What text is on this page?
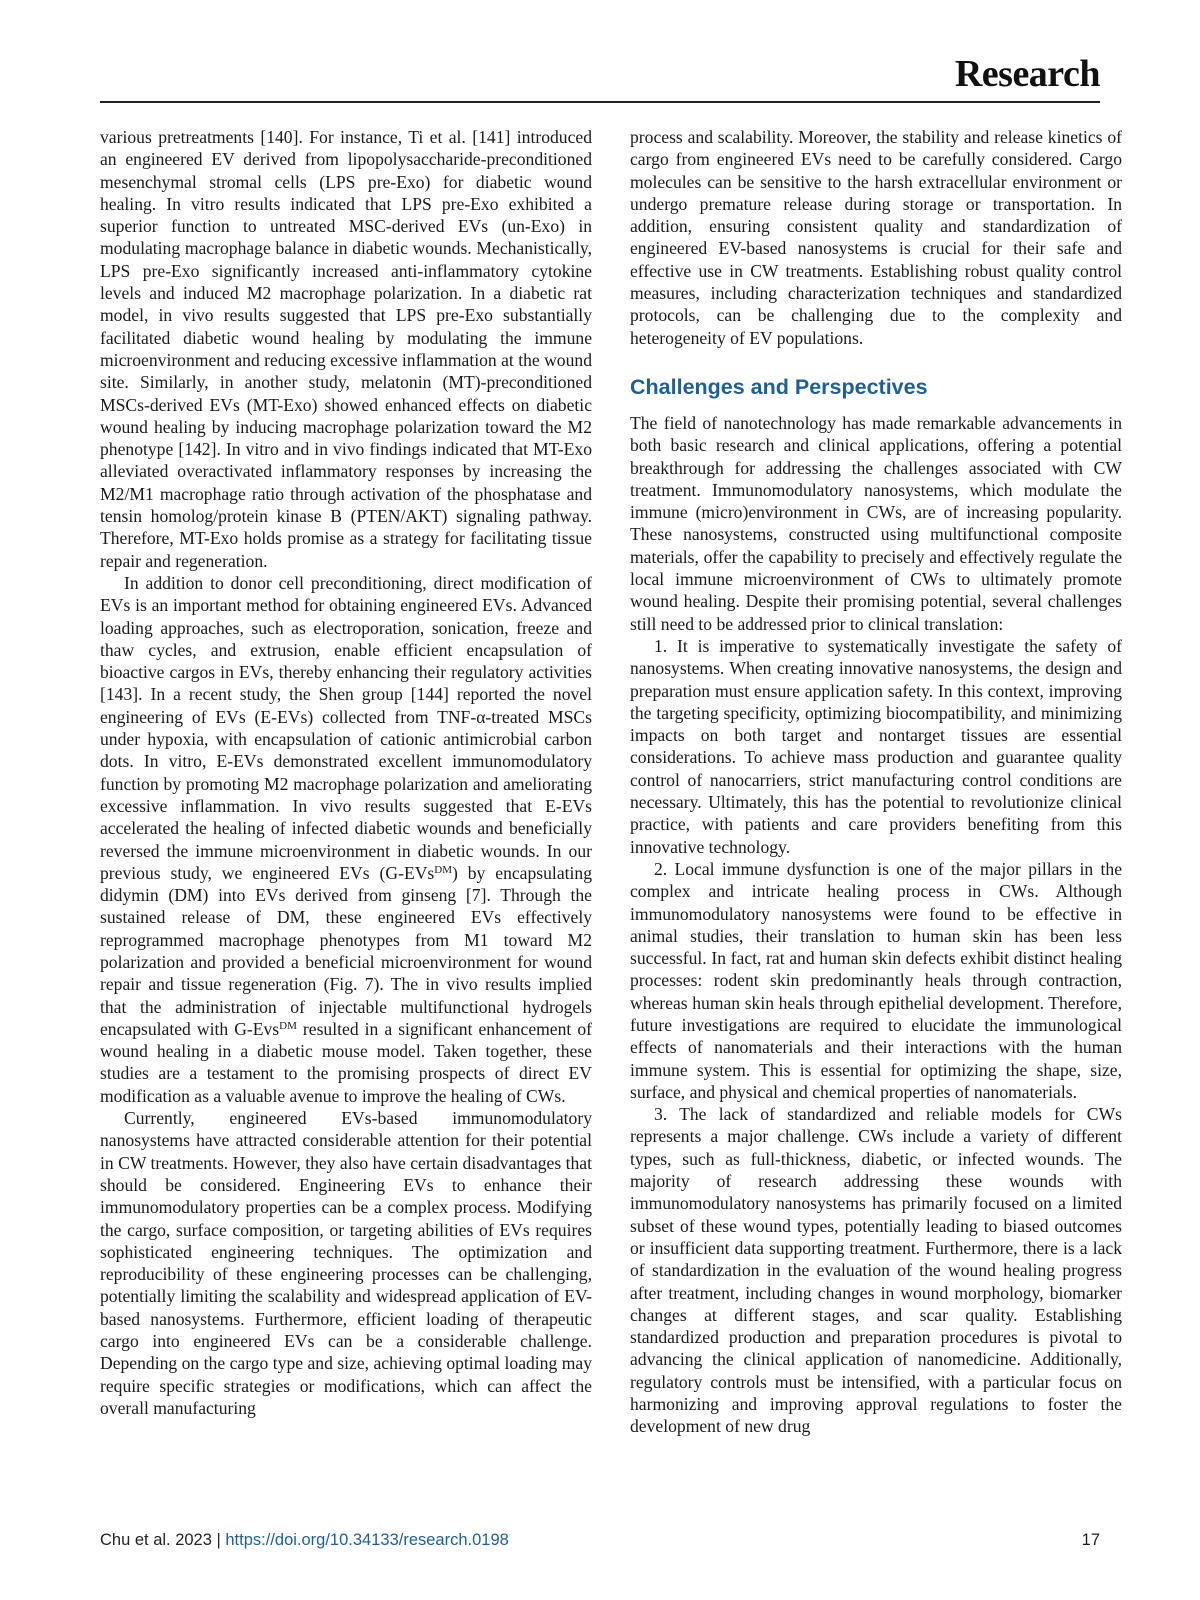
Research

various pretreatments [140]. For instance, Ti et al. [141] introduced an engineered EV derived from lipopolysaccharide-preconditioned mesenchymal stromal cells (LPS pre-Exo) for diabetic wound healing. In vitro results indicated that LPS pre-Exo exhibited a superior function to untreated MSC-derived EVs (un-Exo) in modulating macrophage balance in diabetic wounds. Mechanistically, LPS pre-Exo significantly increased anti-inflammatory cytokine levels and induced M2 macrophage polarization. In a diabetic rat model, in vivo results suggested that LPS pre-Exo substantially facilitated diabetic wound healing by modulating the immune microenvironment and reducing excessive inflammation at the wound site. Similarly, in another study, melatonin (MT)-preconditioned MSCs-derived EVs (MT-Exo) showed enhanced effects on diabetic wound healing by inducing macrophage polarization toward the M2 phenotype [142]. In vitro and in vivo findings indicated that MT-Exo alleviated overactivated inflammatory responses by increasing the M2/M1 macrophage ratio through activation of the phosphatase and tensin homolog/protein kinase B (PTEN/AKT) signaling pathway. Therefore, MT-Exo holds promise as a strategy for facilitating tissue repair and regeneration.

In addition to donor cell preconditioning, direct modification of EVs is an important method for obtaining engineered EVs. Advanced loading approaches, such as electroporation, sonication, freeze and thaw cycles, and extrusion, enable efficient encapsulation of bioactive cargos in EVs, thereby enhancing their regulatory activities [143]. In a recent study, the Shen group [144] reported the novel engineering of EVs (E-EVs) collected from TNF-α-treated MSCs under hypoxia, with encapsulation of cationic antimicrobial carbon dots. In vitro, E-EVs demonstrated excellent immunomodulatory function by promoting M2 macrophage polarization and ameliorating excessive inflammation. In vivo results suggested that E-EVs accelerated the healing of infected diabetic wounds and beneficially reversed the immune microenvironment in diabetic wounds. In our previous study, we engineered EVs (G-EVs$^{DM}$) by encapsulating didymin (DM) into EVs derived from ginseng [7]. Through the sustained release of DM, these engineered EVs effectively reprogrammed macrophage phenotypes from M1 toward M2 polarization and provided a beneficial microenvironment for wound repair and tissue regeneration (Fig. 7). The in vivo results implied that the administration of injectable multifunctional hydrogels encapsulated with G-Evs$^{DM}$ resulted in a significant enhancement of wound healing in a diabetic mouse model. Taken together, these studies are a testament to the promising prospects of direct EV modification as a valuable avenue to improve the healing of CWs.

Currently, engineered EVs-based immunomodulatory nanosystems have attracted considerable attention for their potential in CW treatments. However, they also have certain disadvantages that should be considered. Engineering EVs to enhance their immunomodulatory properties can be a complex process. Modifying the cargo, surface composition, or targeting abilities of EVs requires sophisticated engineering techniques. The optimization and reproducibility of these engineering processes can be challenging, potentially limiting the scalability and widespread application of EV-based nanosystems. Furthermore, efficient loading of therapeutic cargo into engineered EVs can be a considerable challenge. Depending on the cargo type and size, achieving optimal loading may require specific strategies or modifications, which can affect the overall manufacturing

process and scalability. Moreover, the stability and release kinetics of cargo from engineered EVs need to be carefully considered. Cargo molecules can be sensitive to the harsh extracellular environment or undergo premature release during storage or transportation. In addition, ensuring consistent quality and standardization of engineered EV-based nanosystems is crucial for their safe and effective use in CW treatments. Establishing robust quality control measures, including characterization techniques and standardized protocols, can be challenging due to the complexity and heterogeneity of EV populations.

Challenges and Perspectives

The field of nanotechnology has made remarkable advancements in both basic research and clinical applications, offering a potential breakthrough for addressing the challenges associated with CW treatment. Immunomodulatory nanosystems, which modulate the immune (micro)environment in CWs, are of increasing popularity. These nanosystems, constructed using multifunctional composite materials, offer the capability to precisely and effectively regulate the local immune microenvironment of CWs to ultimately promote wound healing. Despite their promising potential, several challenges still need to be addressed prior to clinical translation:

1. It is imperative to systematically investigate the safety of nanosystems. When creating innovative nanosystems, the design and preparation must ensure application safety. In this context, improving the targeting specificity, optimizing biocompatibility, and minimizing impacts on both target and nontarget tissues are essential considerations. To achieve mass production and guarantee quality control of nanocarriers, strict manufacturing control conditions are necessary. Ultimately, this has the potential to revolutionize clinical practice, with patients and care providers benefiting from this innovative technology.

2. Local immune dysfunction is one of the major pillars in the complex and intricate healing process in CWs. Although immunomodulatory nanosystems were found to be effective in animal studies, their translation to human skin has been less successful. In fact, rat and human skin defects exhibit distinct healing processes: rodent skin predominantly heals through contraction, whereas human skin heals through epithelial development. Therefore, future investigations are required to elucidate the immunological effects of nanomaterials and their interactions with the human immune system. This is essential for optimizing the shape, size, surface, and physical and chemical properties of nanomaterials.

3. The lack of standardized and reliable models for CWs represents a major challenge. CWs include a variety of different types, such as full-thickness, diabetic, or infected wounds. The majority of research addressing these wounds with immunomodulatory nanosystems has primarily focused on a limited subset of these wound types, potentially leading to biased outcomes or insufficient data supporting treatment. Furthermore, there is a lack of standardization in the evaluation of the wound healing progress after treatment, including changes in wound morphology, biomarker changes at different stages, and scar quality. Establishing standardized production and preparation procedures is pivotal to advancing the clinical application of nanomedicine. Additionally, regulatory controls must be intensified, with a particular focus on harmonizing and improving approval regulations to foster the development of new drug

Chu et al. 2023 | https://doi.org/10.34133/research.0198	17
